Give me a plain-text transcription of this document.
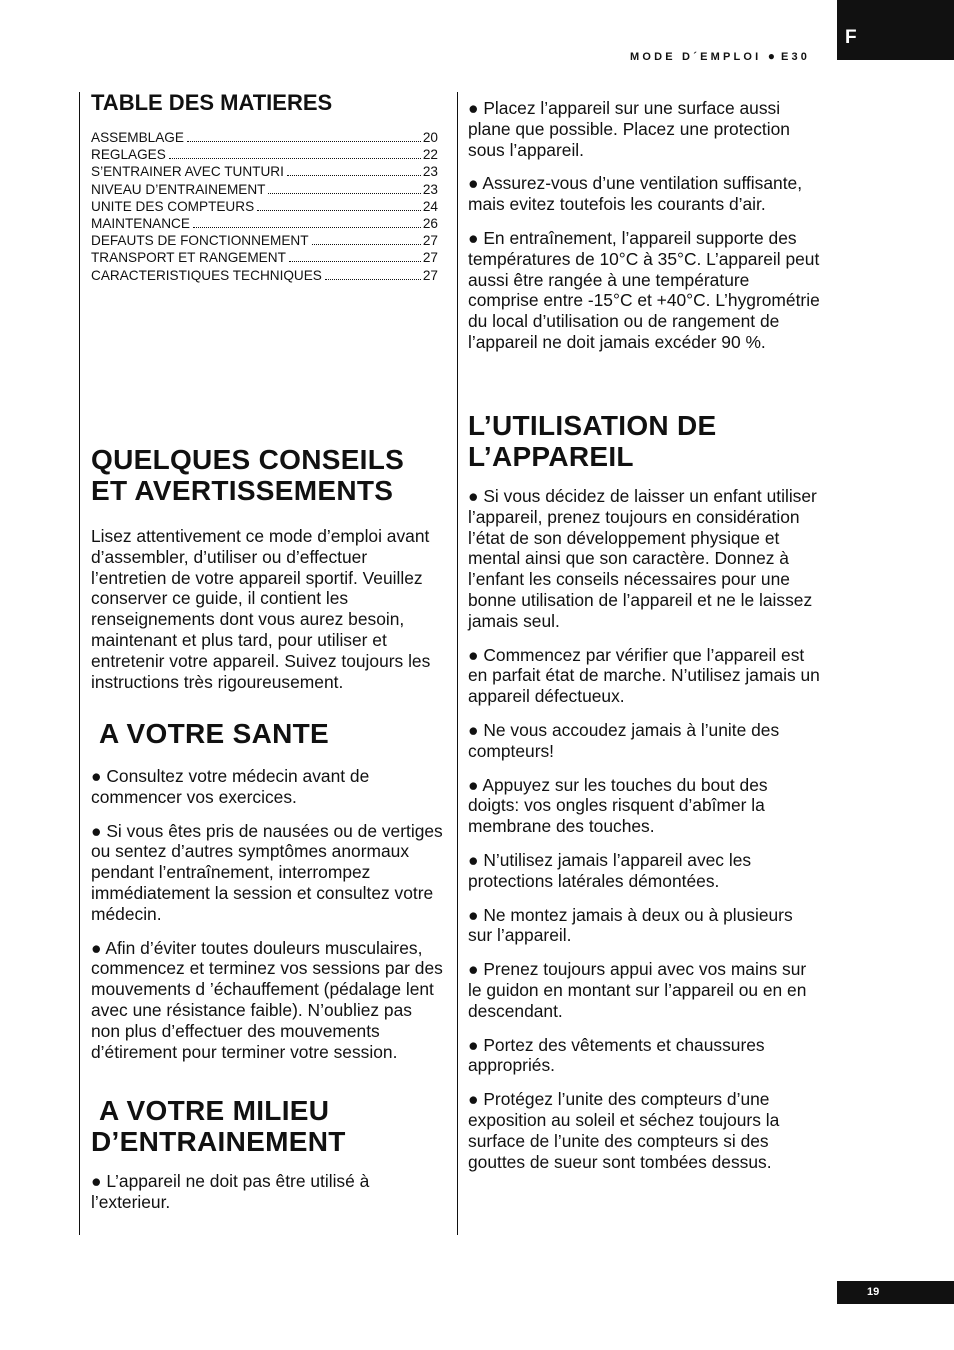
F
MODE D´EMPLOI ● E30
TABLE DES MATIERES
ASSEMBLAGE	20
REGLAGES	22
S’ENTRAINER AVEC TUNTURI	23
NIVEAU D’ENTRAINEMENT	23
UNITE DES COMPTEURS	24
MAINTENANCE	26
DEFAUTS DE FONCTIONNEMENT	27
TRANSPORT ET RANGEMENT	27
CARACTERISTIQUES TECHNIQUES	27
QUELQUES CONSEILS
ET AVERTISSEMENTS

Lisez attentivement ce mode d’emploi avant d’assembler, d’utiliser ou d’effectuer l’entretien de votre appareil sportif. Veuillez conserver ce guide, il contient les renseignements dont vous aurez besoin, maintenant et plus tard, pour utiliser et entretenir votre appareil. Suivez toujours les instructions très rigoureusement.

A VOTRE SANTE

● Consultez votre médecin avant de commencer vos exercices.

● Si vous êtes pris de nausées ou de vertiges ou sentez d’autres symptômes anormaux pendant l’entraînement, interrompez immédiatement la session et consultez votre médecin.

● Afin d’éviter toutes douleurs musculaires, commencez et terminez vos sessions par des mouvements d ’échauffement (pédalage lent avec une résistance faible). N’oubliez pas non plus d’effectuer des mouvements d’étirement pour terminer votre session.

A VOTRE MILIEU
D’ENTRAINEMENT

● L’appareil ne doit pas être utilisé à l’exterieur.

● Placez l’appareil sur une surface aussi plane que possible. Placez une protection sous l’appareil.

● Assurez-vous d’une ventilation suffisante, mais evitez toutefois les courants d’air.

● En entraînement, l’appareil supporte des températures de 10°C à 35°C. L’appareil peut aussi être rangée à une température comprise entre -15°C et +40°C. L’hygrométrie du local d’utilisation ou de rangement de l’appareil ne doit jamais excéder 90 %.

L’UTILISATION DE
L’APPAREIL

● Si vous décidez de laisser un enfant utiliser l’appareil, prenez toujours en considération l’état de son développement physique et mental ainsi que son caractère. Donnez à l’enfant les conseils nécessaires pour une bonne utilisation de l’appareil et ne le laissez jamais seul.

● Commencez par vérifier que l’appareil est en parfait état de marche. N’utilisez jamais un appareil défectueux.

● Ne vous accoudez jamais à l’unite des compteurs!

● Appuyez sur les touches du bout des doigts: vos ongles risquent d’abîmer la membrane des touches.

● N’utilisez jamais l’appareil avec les protections latérales démontées.

● Ne montez jamais à deux ou à plusieurs sur l’appareil.

● Prenez toujours appui avec vos mains sur le guidon en montant sur l’appareil ou en en descendant.

● Portez des vêtements et chaussures appropriés.

● Protégez l’unite des compteurs d’une exposition au soleil et séchez toujours la surface de l’unite des compteurs si des gouttes de sueur sont tombées dessus.

19
